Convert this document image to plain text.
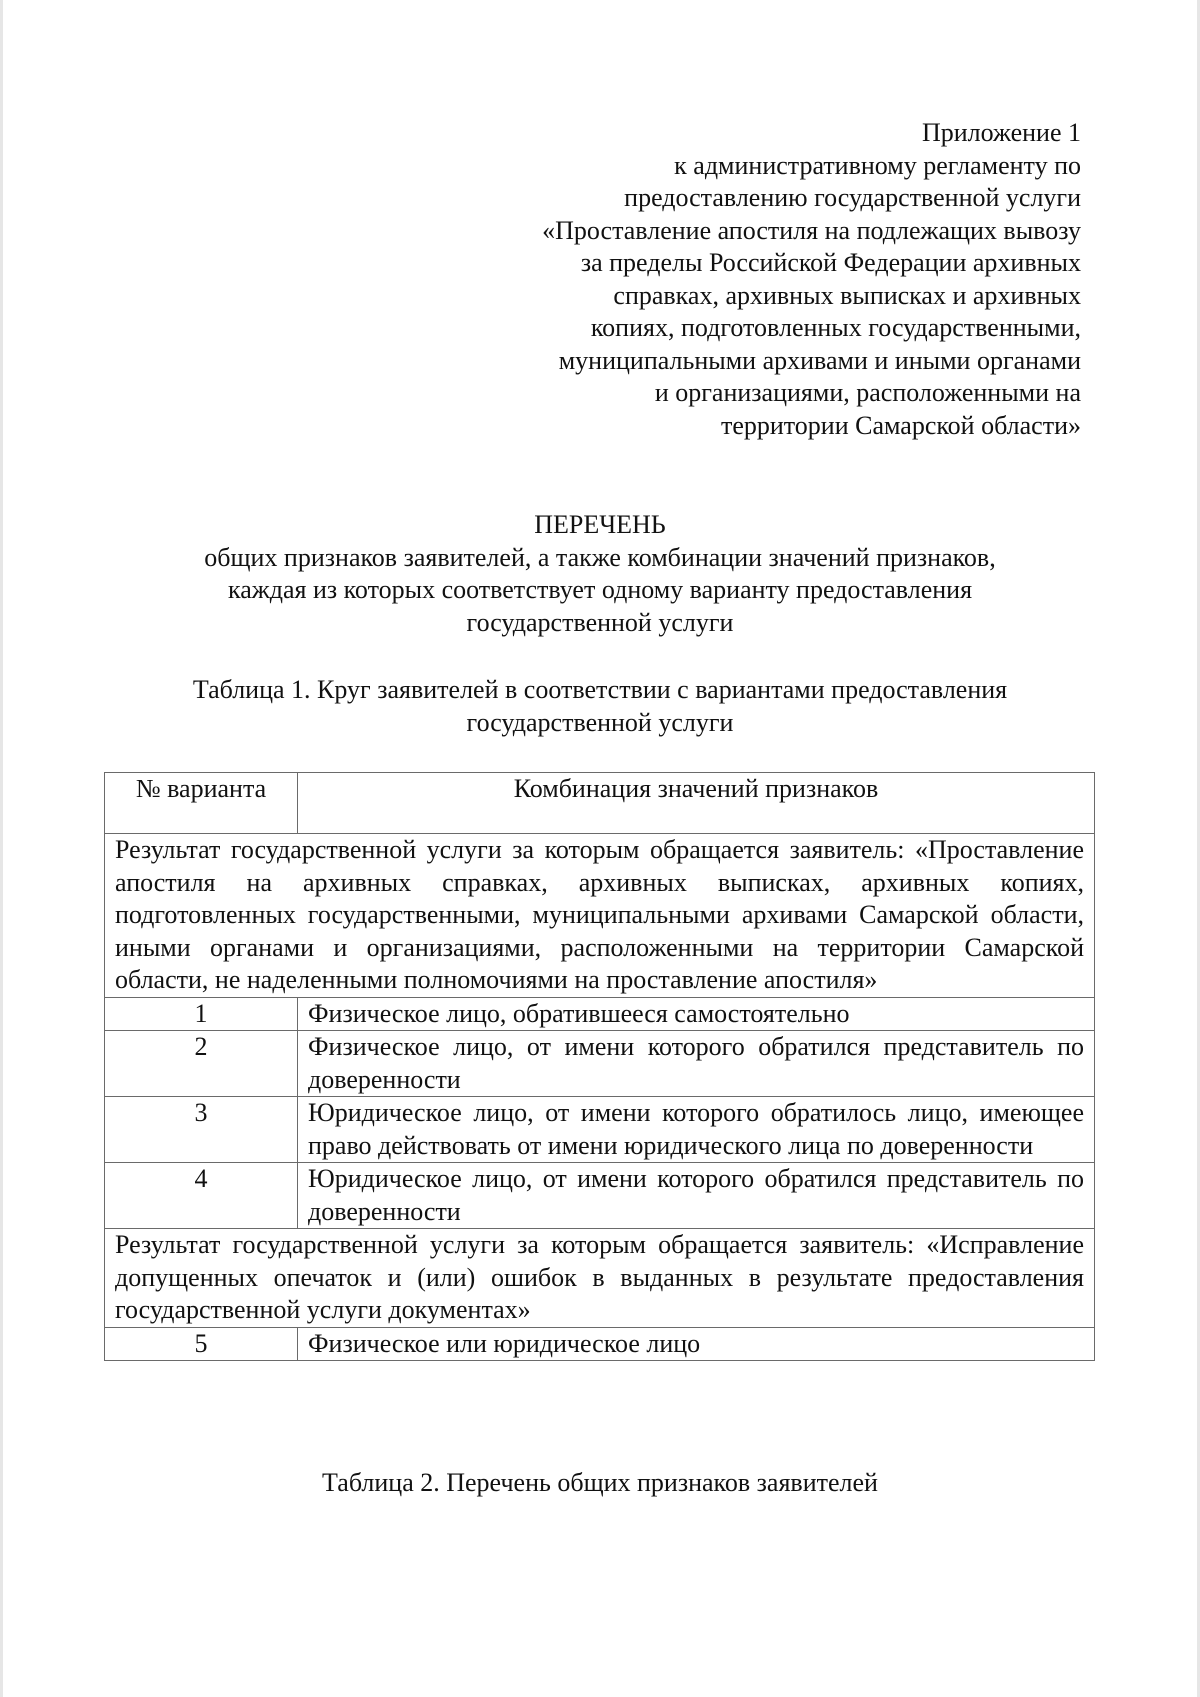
Приложение 1
к административному регламенту по
предоставлению государственной услуги
«Проставление апостиля на подлежащих вывозу
за пределы Российской Федерации архивных
справках, архивных выписках и архивных
копиях, подготовленных государственными,
муниципальными архивами и иными органами
и организациями, расположенными на
территории Самарской области»
ПЕРЕЧЕНЬ
общих признаков заявителей, а также комбинации значений признаков,
каждая из которых соответствует одному варианту предоставления
государственной услуги
Таблица 1. Круг заявителей в соответствии с вариантами предоставления
государственной услуги
№ варианта	Комбинация значений признаков
Результат государственной услуги за которым обращается заявитель: «Проставление апостиля на архивных справках, архивных выписках, архивных копиях, подготовленных государственными, муниципальными архивами Самарской области, иными органами и организациями, расположенными на территории Самарской области, не наделенными полномочиями на проставление апостиля»	
1	Физическое лицо, обратившееся самостоятельно
2	Физическое лицо, от имени которого обратился представитель по доверенности
3	Юридическое лицо, от имени которого обратилось лицо, имеющее право действовать от имени юридического лица по доверенности
4	Юридическое лицо, от имени которого обратился представитель по доверенности
Результат государственной услуги за которым обращается заявитель: «Исправление допущенных опечаток и (или) ошибок в выданных в результате предоставления государственной услуги документах»	
5	Физическое или юридическое лицо
Таблица 2. Перечень общих признаков заявителей
